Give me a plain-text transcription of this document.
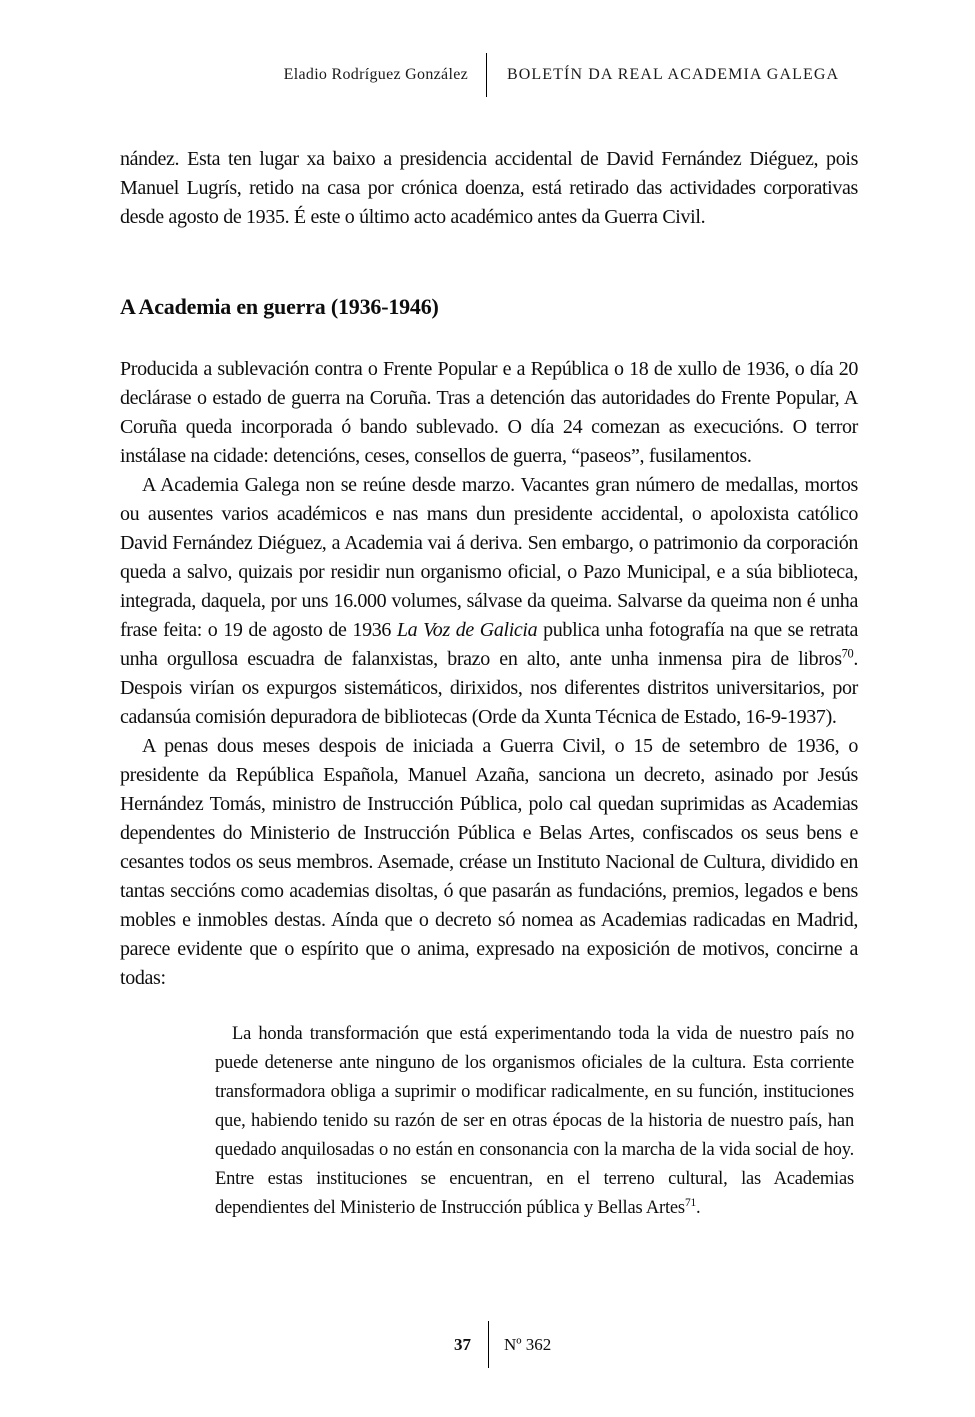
Eladio Rodríguez González	BOLETÍN DA REAL ACADEMIA GALEGA

nández. Esta ten lugar xa baixo a presidencia accidental de David Fernández Diéguez, pois Manuel Lugrís, retido na casa por crónica doenza, está retirado das actividades corporativas desde agosto de 1935. É este o último acto académico antes da Guerra Civil.

A Academia en guerra (1936-1946)

Producida a sublevación contra o Frente Popular e a República o 18 de xullo de 1936, o día 20 declárase o estado de guerra na Coruña. Tras a detención das autoridades do Frente Popular, A Coruña queda incorporada ó bando sublevado. O día 24 comezan as execucións. O terror instálase na cidade: detencións, ceses, consellos de guerra, “paseos”, fusilamentos.

A Academia Galega non se reúne desde marzo. Vacantes gran número de medallas, mortos ou ausentes varios académicos e nas mans dun presidente accidental, o apoloxista católico David Fernández Diéguez, a Academia vai á deriva. Sen embargo, o patrimonio da corporación queda a salvo, quizais por residir nun organismo oficial, o Pazo Municipal, e a súa biblioteca, integrada, daquela, por uns 16.000 volumes, sálvase da queima. Salvarse da queima non é unha frase feita: o 19 de agosto de 1936 La Voz de Galicia publica unha fotografía na que se retrata unha orgullosa escuadra de falanxistas, brazo en alto, ante unha inmensa pira de libros$^{70}$. Despois virían os expurgos sistemáticos, dirixidos, nos diferentes distritos universitarios, por cadansúa comisión depuradora de bibliotecas (Orde da Xunta Técnica de Estado, 16-9-1937).

A penas dous meses despois de iniciada a Guerra Civil, o 15 de setembro de 1936, o presidente da República Española, Manuel Azaña, sanciona un decreto, asinado por Jesús Hernández Tomás, ministro de Instrucción Pública, polo cal quedan suprimidas as Academias dependentes do Ministerio de Instrucción Pública e Belas Artes, confiscados os seus bens e cesantes todos os seus membros. Asemade, créase un Instituto Nacional de Cultura, dividido en tantas seccións como academias disoltas, ó que pasarán as fundacións, premios, legados e bens mobles e inmobles destas. Aínda que o decreto só nomea as Academias radicadas en Madrid, parece evidente que o espírito que o anima, expresado na exposición de motivos, concirne a todas:

La honda transformación que está experimentando toda la vida de nuestro país no puede detenerse ante ninguno de los organismos oficiales de la cultura. Esta corriente transformadora obliga a suprimir o modificar radicalmente, en su función, instituciones que, habiendo tenido su razón de ser en otras épocas de la historia de nuestro país, han quedado anquilosadas o no están en consonancia con la marcha de la vida social de hoy. Entre estas instituciones se encuentran, en el terreno cultural, las Academias dependientes del Ministerio de Instrucción pública y Bellas Artes$^{71}$.
37	Nº 362
